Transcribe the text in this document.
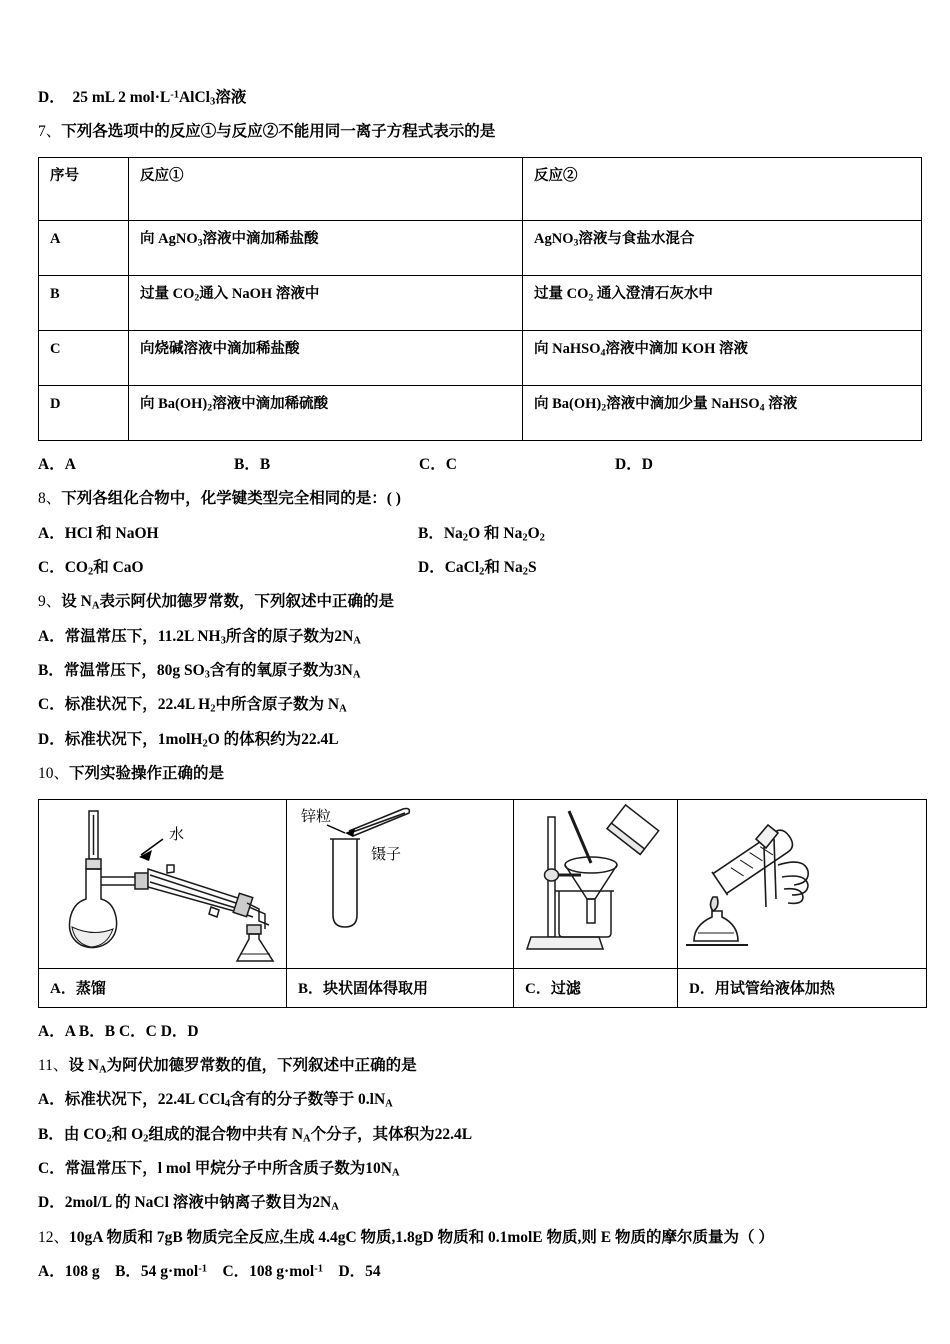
D． 25 mL 2 $mol\cdot L^{-1}AlCl_3$溶液
7、下列各选项中的反应①与反应②不能用同一离子方程式表示的是
序号	反应①	反应②
A	向 AgNO$_3$溶液中滴加稀盐酸	AgNO$_3$溶液与食盐水混合
B	过量 $CO_2$通入 NaOH 溶液中	过量 $CO_2$ 通入澄清石灰水中
C	向烧碱溶液中滴加稀盐酸	向 NaHSO$_4$溶液中滴加 KOH 溶液
D	向 $Ba(OH)_2$溶液中滴加稀硫酸	向 $Ba(OH)_2$溶液中滴加少量 NaHSO$_4$ 溶液
A．A	B．B	C．C	D．D
8、下列各组化合物中，化学键类型完全相同的是：( )
A．HCl 和 NaOH	B．$Na_2O$ 和 $Na_2O_2$
C．$CO_2$和 CaO	D．CaCl$_2$和 $Na_2S$
9、设 $N_A$表示阿伏加德罗常数，下列叙述中正确的是
A．常温常压下，11.2L $NH_3$所含的原子数为$2N_A$
B．常温常压下，80g $SO_3$含有的氧原子数为$3N_A$
C．标准状况下，22.4L $H_2$中所含原子数为 $N_A$
D．标准状况下，1molH$_2$O 的体积约为22.4L
10、下列实验操作正确的是
水	锌粒
镊子

A．蒸馏	B．块状固体得取用	C．过滤	D．用试管给液体加热
A．A B．B C．C D．D
11、设 $N_A$为阿伏加德罗常数的值，下列叙述中正确的是
A．标准状况下，22.4L CCl$_4$含有的分子数等于 $0.lN_A$
B．由 $CO_2$和 $O_2$组成的混合物中共有 $N_A$个分子，其体积为22.4L
C．常温常压下，l mol 甲烷分子中所含质子数为$10N_A$
D．2mol/L 的 NaCl 溶液中钠离子数目为$2N_A$
12、10gA 物质和 7gB 物质完全反应,生成 4.4gC 物质,1.8gD 物质和 0.1molE 物质,则 E 物质的摩尔质量为（ ）
A．108 g B．54 g·mol$^{-1}$ C．108 g·mol$^{-1}$ D．54
